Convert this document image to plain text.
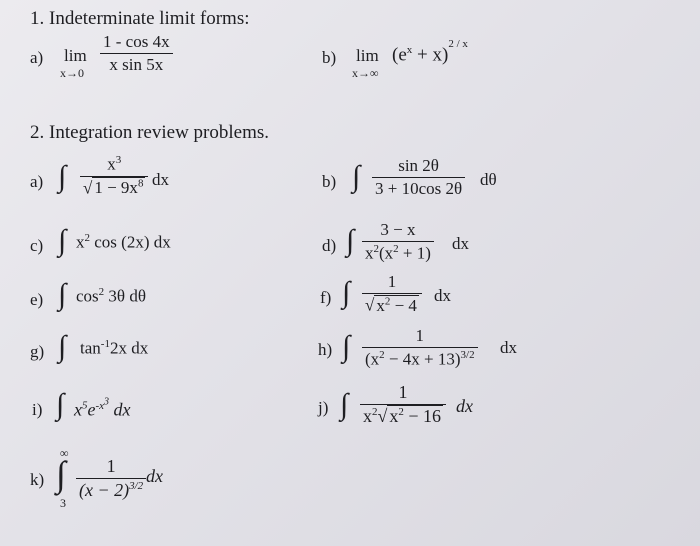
1. Indeterminate limit forms:
a) lim
x→0
1 - cos 4x
x sin 5x	b) lim
x→∞
$(e^x + x)^{2 / x}$
2. Integration review problems.
a) ∫ $x^3$
√ $1 - 9x^8$ dx	b) ∫ sin 2θ
3 + 10cos 2θ dθ
c) ∫ $x^2$ cos (2x) dx	d) ∫ 3 − x
$x^2(x^2 + 1)$
dx
e) ∫ $\cos^2 3\theta$ dθ	f) ∫ 1
√ $x^2 - 4$
dx
g) ∫ $\tan^{-1}2x$ dx	h) ∫	1
$(x^2 - 4x + 13)^{3/2}$ dx
i) ∫ $x^5e^{-x^3}$ dx	j) ∫	1
$x^2√$ $x^2 - 16$ dx
k)
∞
∫
3
1
$(x - 2)^{3/2}$ dx
